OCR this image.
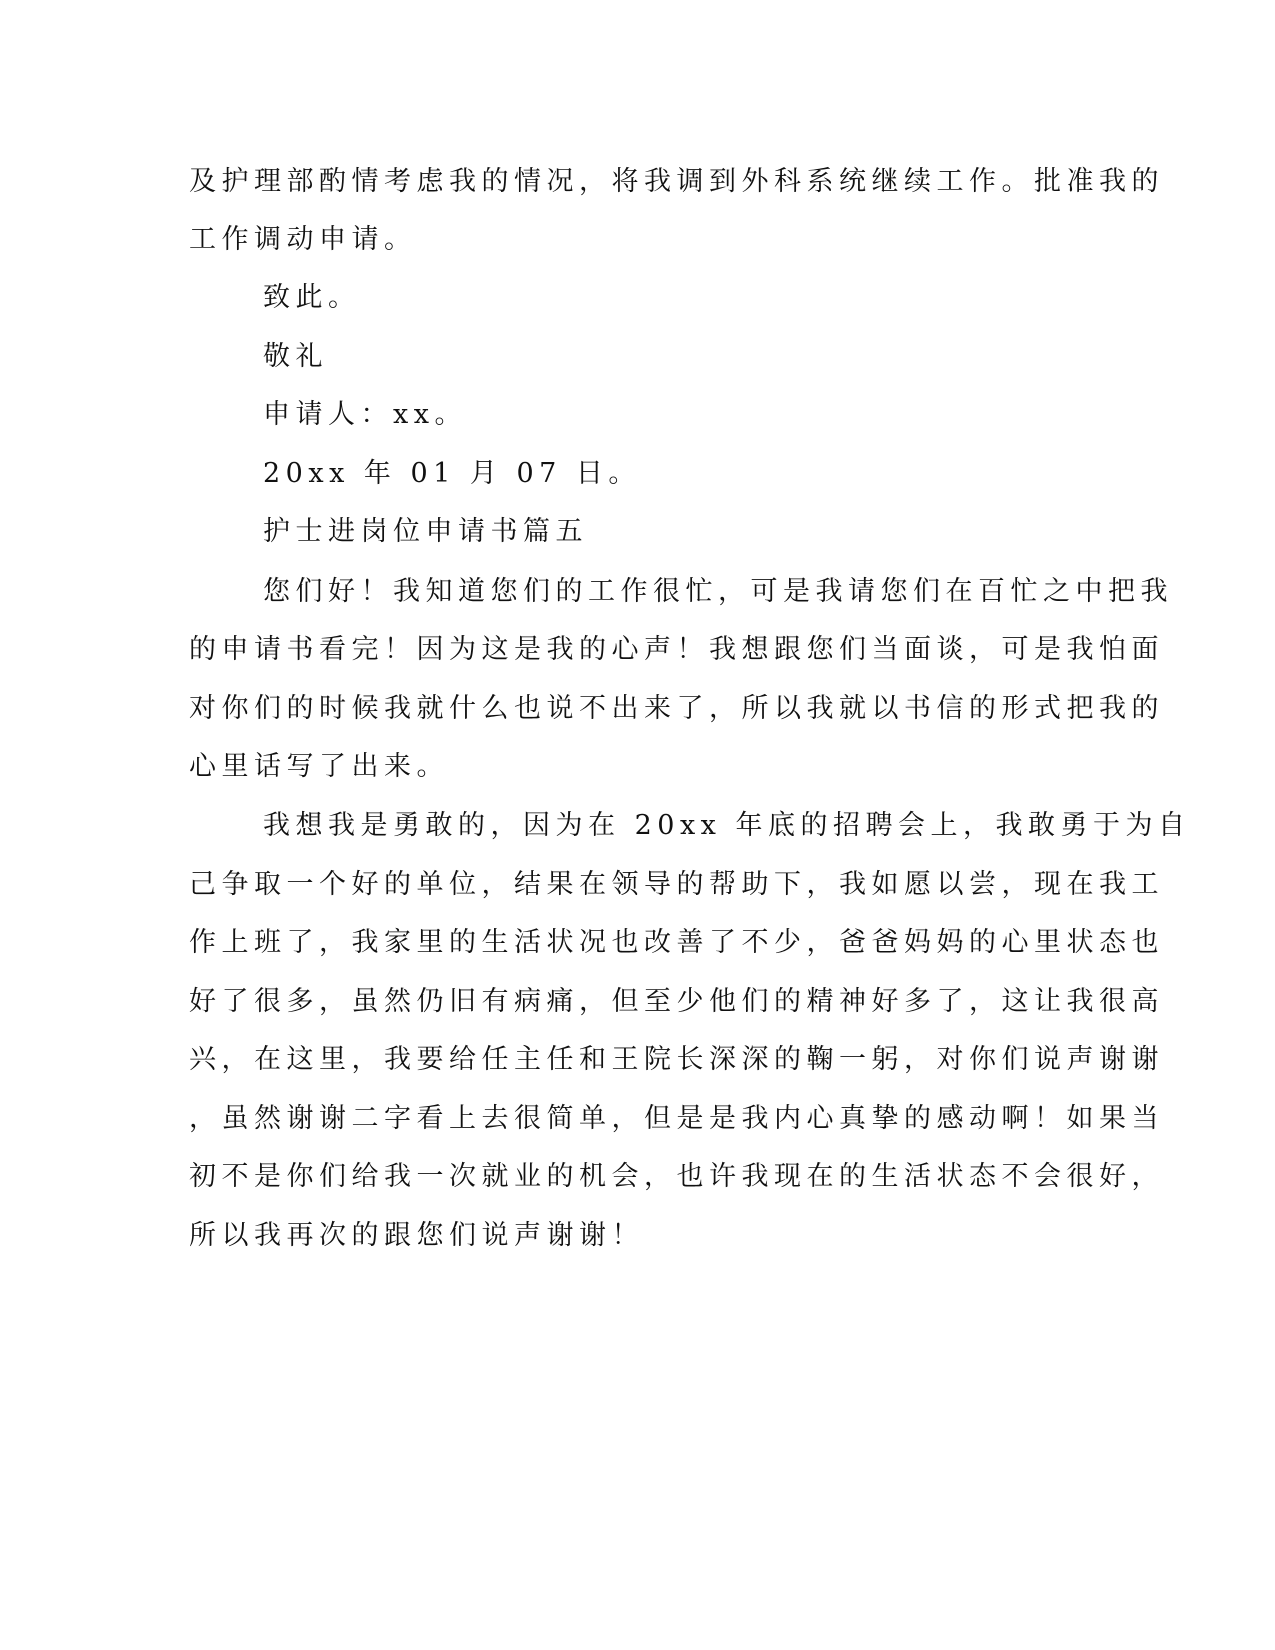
及护理部酌情考虑我的情况，将我调到外科系统继续工作。批准我的
工作调动申请。
致此。
敬礼
申请人：xx。
20xx 年 01 月 07 日。
护士进岗位申请书篇五
您们好！我知道您们的工作很忙，可是我请您们在百忙之中把我
的申请书看完！因为这是我的心声！我想跟您们当面谈，可是我怕面
对你们的时候我就什么也说不出来了，所以我就以书信的形式把我的
心里话写了出来。
我想我是勇敢的，因为在 20xx 年底的招聘会上，我敢勇于为自
己争取一个好的单位，结果在领导的帮助下，我如愿以尝，现在我工
作上班了，我家里的生活状况也改善了不少，爸爸妈妈的心里状态也
好了很多，虽然仍旧有病痛，但至少他们的精神好多了，这让我很高
兴，在这里，我要给任主任和王院长深深的鞠一躬，对你们说声谢谢
，虽然谢谢二字看上去很简单，但是是我内心真挚的感动啊！如果当
初不是你们给我一次就业的机会，也许我现在的生活状态不会很好，
所以我再次的跟您们说声谢谢！
